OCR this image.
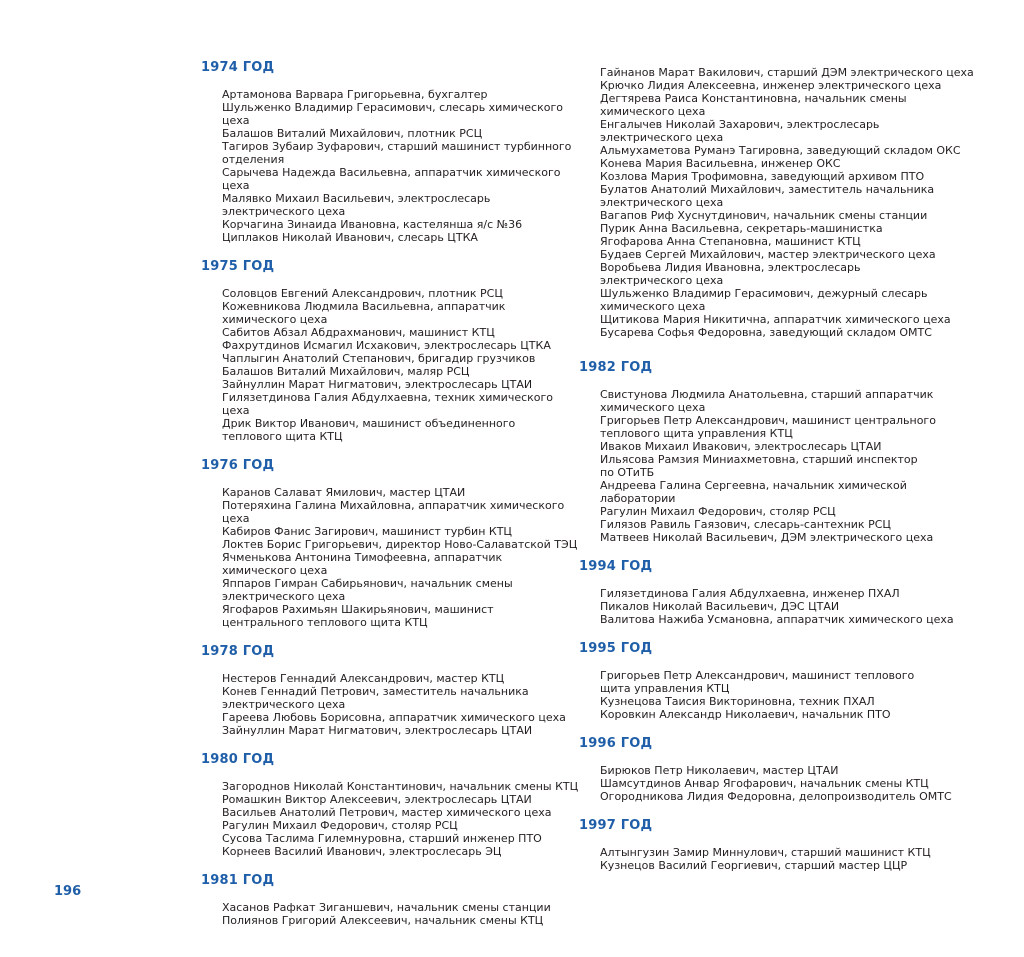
1974 ГОД
Артамонова Варвара Григорьевна, бухгалтер
Шульженко Владимир Герасимович, слесарь химического цеха
Балашов Виталий Михайлович, плотник РСЦ
Тагиров Зубаир Зуфарович, старший машинист турбинного
отделения
Сарычева Надежда Васильевна, аппаратчик химического цеха
Малявко Михаил Васильевич, электрослесарь
электрического цеха
Корчагина Зинаида Ивановна, кастелянша я/с №36
Циплаков Николай Иванович, слесарь ЦТКА
1975 ГОД
Соловцов Евгений Александрович, плотник РСЦ
Кожевникова Людмила Васильевна, аппаратчик
химического цеха
Сабитов Абзал Абдрахманович, машинист КТЦ
Фахрутдинов Исмагил Исхакович, электрослесарь ЦТКА
Чаплыгин Анатолий Степанович, бригадир грузчиков
Балашов Виталий Михайлович, маляр РСЦ
Зайнуллин Марат Нигматович, электрослесарь ЦТАИ
Гилязетдинова Галия Абдулхаевна, техник химического цеха
Дрик Виктор Иванович, машинист объединенного
теплового щита КТЦ
1976 ГОД
Каранов Салават Ямилович, мастер ЦТАИ
Потеряхина Галина Михайловна, аппаратчик химического цеха
Кабиров Фанис Загирович, машинист турбин КТЦ
Локтев Борис Григорьевич, директор Ново-Салаватской ТЭЦ
Ячменькова Антонина Тимофеевна, аппаратчик
химического цеха
Яппаров Гимран Сабирьянович, начальник смены
электрического цеха
Ягофаров Рахимьян Шакирьянович, машинист
центрального теплового щита КТЦ
1978 ГОД
Нестеров Геннадий Александрович, мастер КТЦ
Конев Геннадий Петрович, заместитель начальника
электрического цеха
Гареева Любовь Борисовна, аппаратчик химического цеха
Зайнуллин Марат Нигматович, электрослесарь ЦТАИ
1980 ГОД
Загороднов Николай Константинович, начальник смены КТЦ
Ромашкин Виктор Алексеевич, электрослесарь ЦТАИ
Васильев Анатолий Петрович, мастер химического цеха
Рагулин Михаил Федорович, столяр РСЦ
Сусова Таслима Гилемнуровна, старший инженер ПТО
Корнеев Василий Иванович, электрослесарь ЭЦ
1981 ГОД
Хасанов Рафкат Зиганшевич, начальник смены станции
Полиянов Григорий Алексеевич, начальник смены КТЦ
Гайнанов Марат Вакилович, старший ДЭМ электрического цеха
Крючко Лидия Алексеевна, инженер электрического цеха
Дегтярева Раиса Константиновна, начальник смены
химического цеха
Енгалычев Николай Захарович, электрослесарь
электрического цеха
Альмухаметова Руманэ Тагировна, заведующий складом ОКС
Конева Мария Васильевна, инженер ОКС
Козлова Мария Трофимовна, заведующий архивом ПТО
Булатов Анатолий Михайлович, заместитель начальника
электрического цеха
Вагапов Риф Хуснутдинович, начальник смены станции
Пурик Анна Васильевна, секретарь-машинистка
Ягофарова Анна Степановна, машинист КТЦ
Будаев Сергей Михайлович, мастер электрического цеха
Воробьева Лидия Ивановна, электрослесарь
электрического цеха
Шульженко Владимир Герасимович, дежурный слесарь
химического цеха
Щитикова Мария Никитична, аппаратчик химического цеха
Бусарева Софья Федоровна, заведующий складом ОМТС
1982 ГОД
Свистунова Людмила Анатольевна, старший аппаратчик
химического цеха
Григорьев Петр Александрович, машинист центрального
теплового щита управления КТЦ
Иваков Михаил Ивакович, электрослесарь ЦТАИ
Ильясова Рамзия Миниахметовна, старший инспектор
по ОТиТБ
Андреева Галина Сергеевна, начальник химической
лаборатории
Рагулин Михаил Федорович, столяр РСЦ
Гилязов Равиль Гаязович, слесарь-сантехник РСЦ
Матвеев Николай Васильевич, ДЭМ электрического цеха
1994 ГОД
Гилязетдинова Галия Абдулхаевна, инженер ПХАЛ
Пикалов Николай Васильевич, ДЭС ЦТАИ
Валитова Нажиба Усмановна, аппаратчик химического цеха
1995 ГОД
Григорьев Петр Александрович, машинист теплового
щита управления КТЦ
Кузнецова Таисия Викториновна, техник ПХАЛ
Коровкин Александр Николаевич, начальник ПТО
1996 ГОД
Бирюков Петр Николаевич, мастер ЦТАИ
Шамсутдинов Анвар Ягофарович, начальник смены КТЦ
Огородникова Лидия Федоровна, делопроизводитель ОМТС
1997 ГОД
Алтынгузин Замир Миннулович, старший машинист КТЦ
Кузнецов Василий Георгиевич, старший мастер ЦЦР
196
